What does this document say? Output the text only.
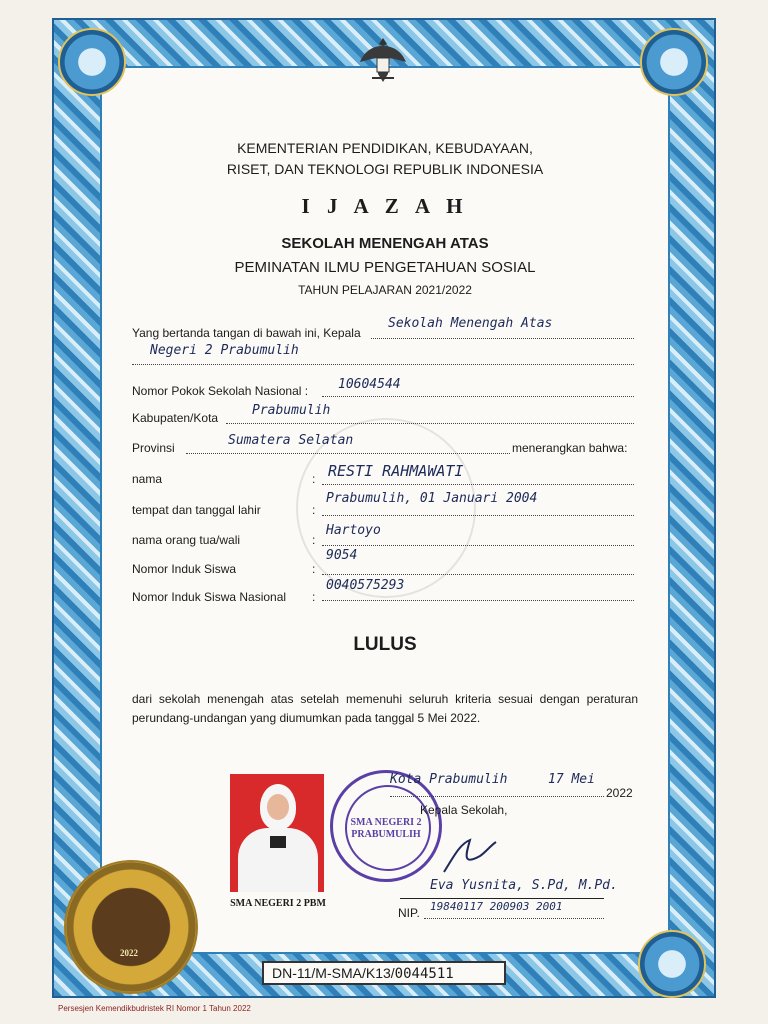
2022

KEMENTERIAN PENDIDIKAN, KEBUDAYAAN,
RISET, DAN TEKNOLOGI REPUBLIK INDONESIA

I J A Z A H

SEKOLAH MENENGAH ATAS

PEMINATAN ILMU PENGETAHUAN SOSIAL

TAHUN PELAJARAN 2021/2022

Yang bertanda tangan di bawah ini, Kepala
Sekolah Menengah Atas
Negeri 2 Prabumulih
Nomor Pokok Sekolah Nasional : 10604544
Kabupaten/Kota	Prabumulih
Provinsi	Sumatera Selatan	menerangkan bahwa:
nama	: RESTI RAHMAWATI
tempat dan tanggal lahir	:
Prabumulih, 01 Januari 2004
nama orang tua/wali	:
Hartoyo
Nomor Induk Siswa	:
9054
Nomor Induk Siswa Nasional :
0040575293

LULUS

dari sekolah menengah atas setelah memenuhi seluruh kriteria sesuai dengan peraturan perundang-undangan yang diumumkan pada tanggal 5 Mei 2022.

SMA NEGERI 2 PBM
SMA NEGERI 2
PRABUMULIH
Kota Prabumulih	17 Mei
2022
Kepala Sekolah,
Eva Yusnita, S.Pd, M.Pd.
NIP. 19840117 200903 2001
DN-11/M-SMA/K13/0044511
Persesjen Kemendikbudristek RI Nomor 1 Tahun 2022
